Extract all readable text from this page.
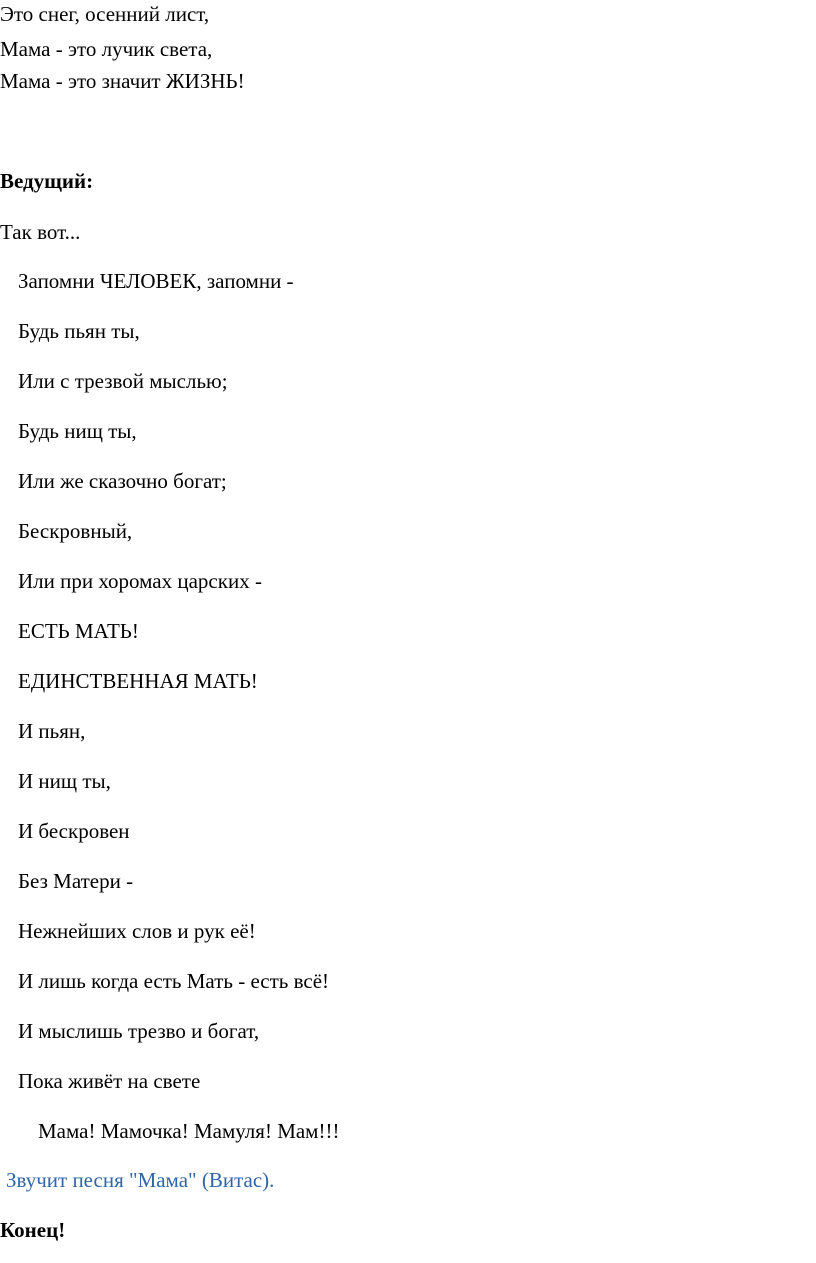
Это снег, осенний лист,
Мама - это лучик света,
Мама - это значит ЖИЗНЬ!
Ведущий:
Так вот...
Запомни ЧЕЛОВЕК, запомни -
Будь пьян ты,
Или с трезвой мыслью;
Будь нищ ты,
Или же сказочно богат;
Бескровный,
Или при хоромах царских -
ЕСТЬ МАТЬ!
ЕДИНСТВЕННАЯ МАТЬ!
И пьян,
И нищ ты,
И бескровен
Без Матери -
Нежнейших слов и рук её!
И лишь когда есть Мать - есть всё!
И мыслишь трезво и богат,
Пока живёт на свете
Мама! Мамочка! Мамуля! Мам!!!
Звучит песня "Мама" (Витас).
Конец!
